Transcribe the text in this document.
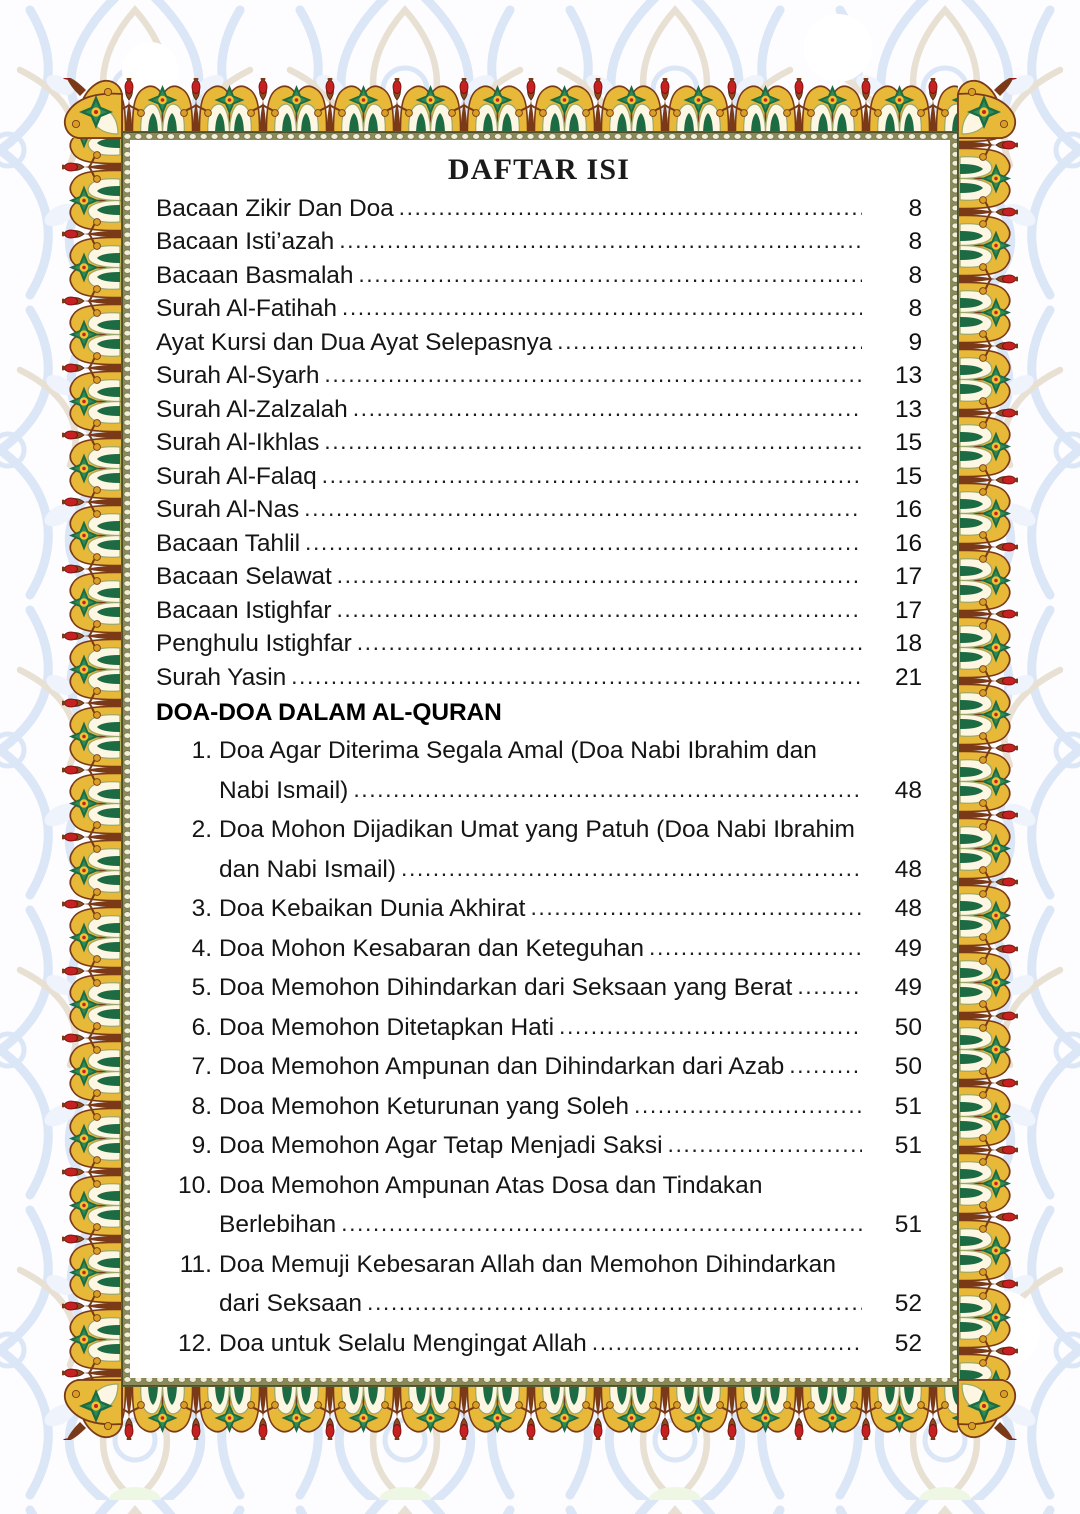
DAFTAR ISI
Bacaan Zikir Dan Doa .....	8
Bacaan Isti’azah .....	8
Bacaan Basmalah .....	8
Surah Al-Fatihah .....	8
Ayat Kursi dan Dua Ayat Selepasnya .....	9
Surah Al-Syarh .....	13
Surah Al-Zalzalah .....	13
Surah Al-Ikhlas .....	15
Surah Al-Falaq .....	15
Surah Al-Nas .....	16
Bacaan Tahlil .....	16
Bacaan Selawat .....	17
Bacaan Istighfar .....	17
Penghulu Istighfar .....	18
Surah Yasin .....	21
DOA-DOA DALAM AL-QURAN
1. Doa Agar Diterima Segala Amal (Doa Nabi Ibrahim dan
Nabi Ismail) .....	48
2. Doa Mohon Dijadikan Umat yang Patuh (Doa Nabi Ibrahim
dan Nabi Ismail) .....	48
3. Doa Kebaikan Dunia Akhirat .....	48
4. Doa Mohon Kesabaran dan Keteguhan .....	49
5. Doa Memohon Dihindarkan dari Seksaan yang Berat .....	49
6. Doa Memohon Ditetapkan Hati .....	50
7. Doa Memohon Ampunan dan Dihindarkan dari Azab .....	50
8. Doa Memohon Keturunan yang Soleh .....	51
9. Doa Memohon Agar Tetap Menjadi Saksi .....	51
10. Doa Memohon Ampunan Atas Dosa dan Tindakan
Berlebihan .....	51
11. Doa Memuji Kebesaran Allah dan Memohon Dihindarkan
dari Seksaan .....	52
12. Doa untuk Selalu Mengingat Allah .....	52
